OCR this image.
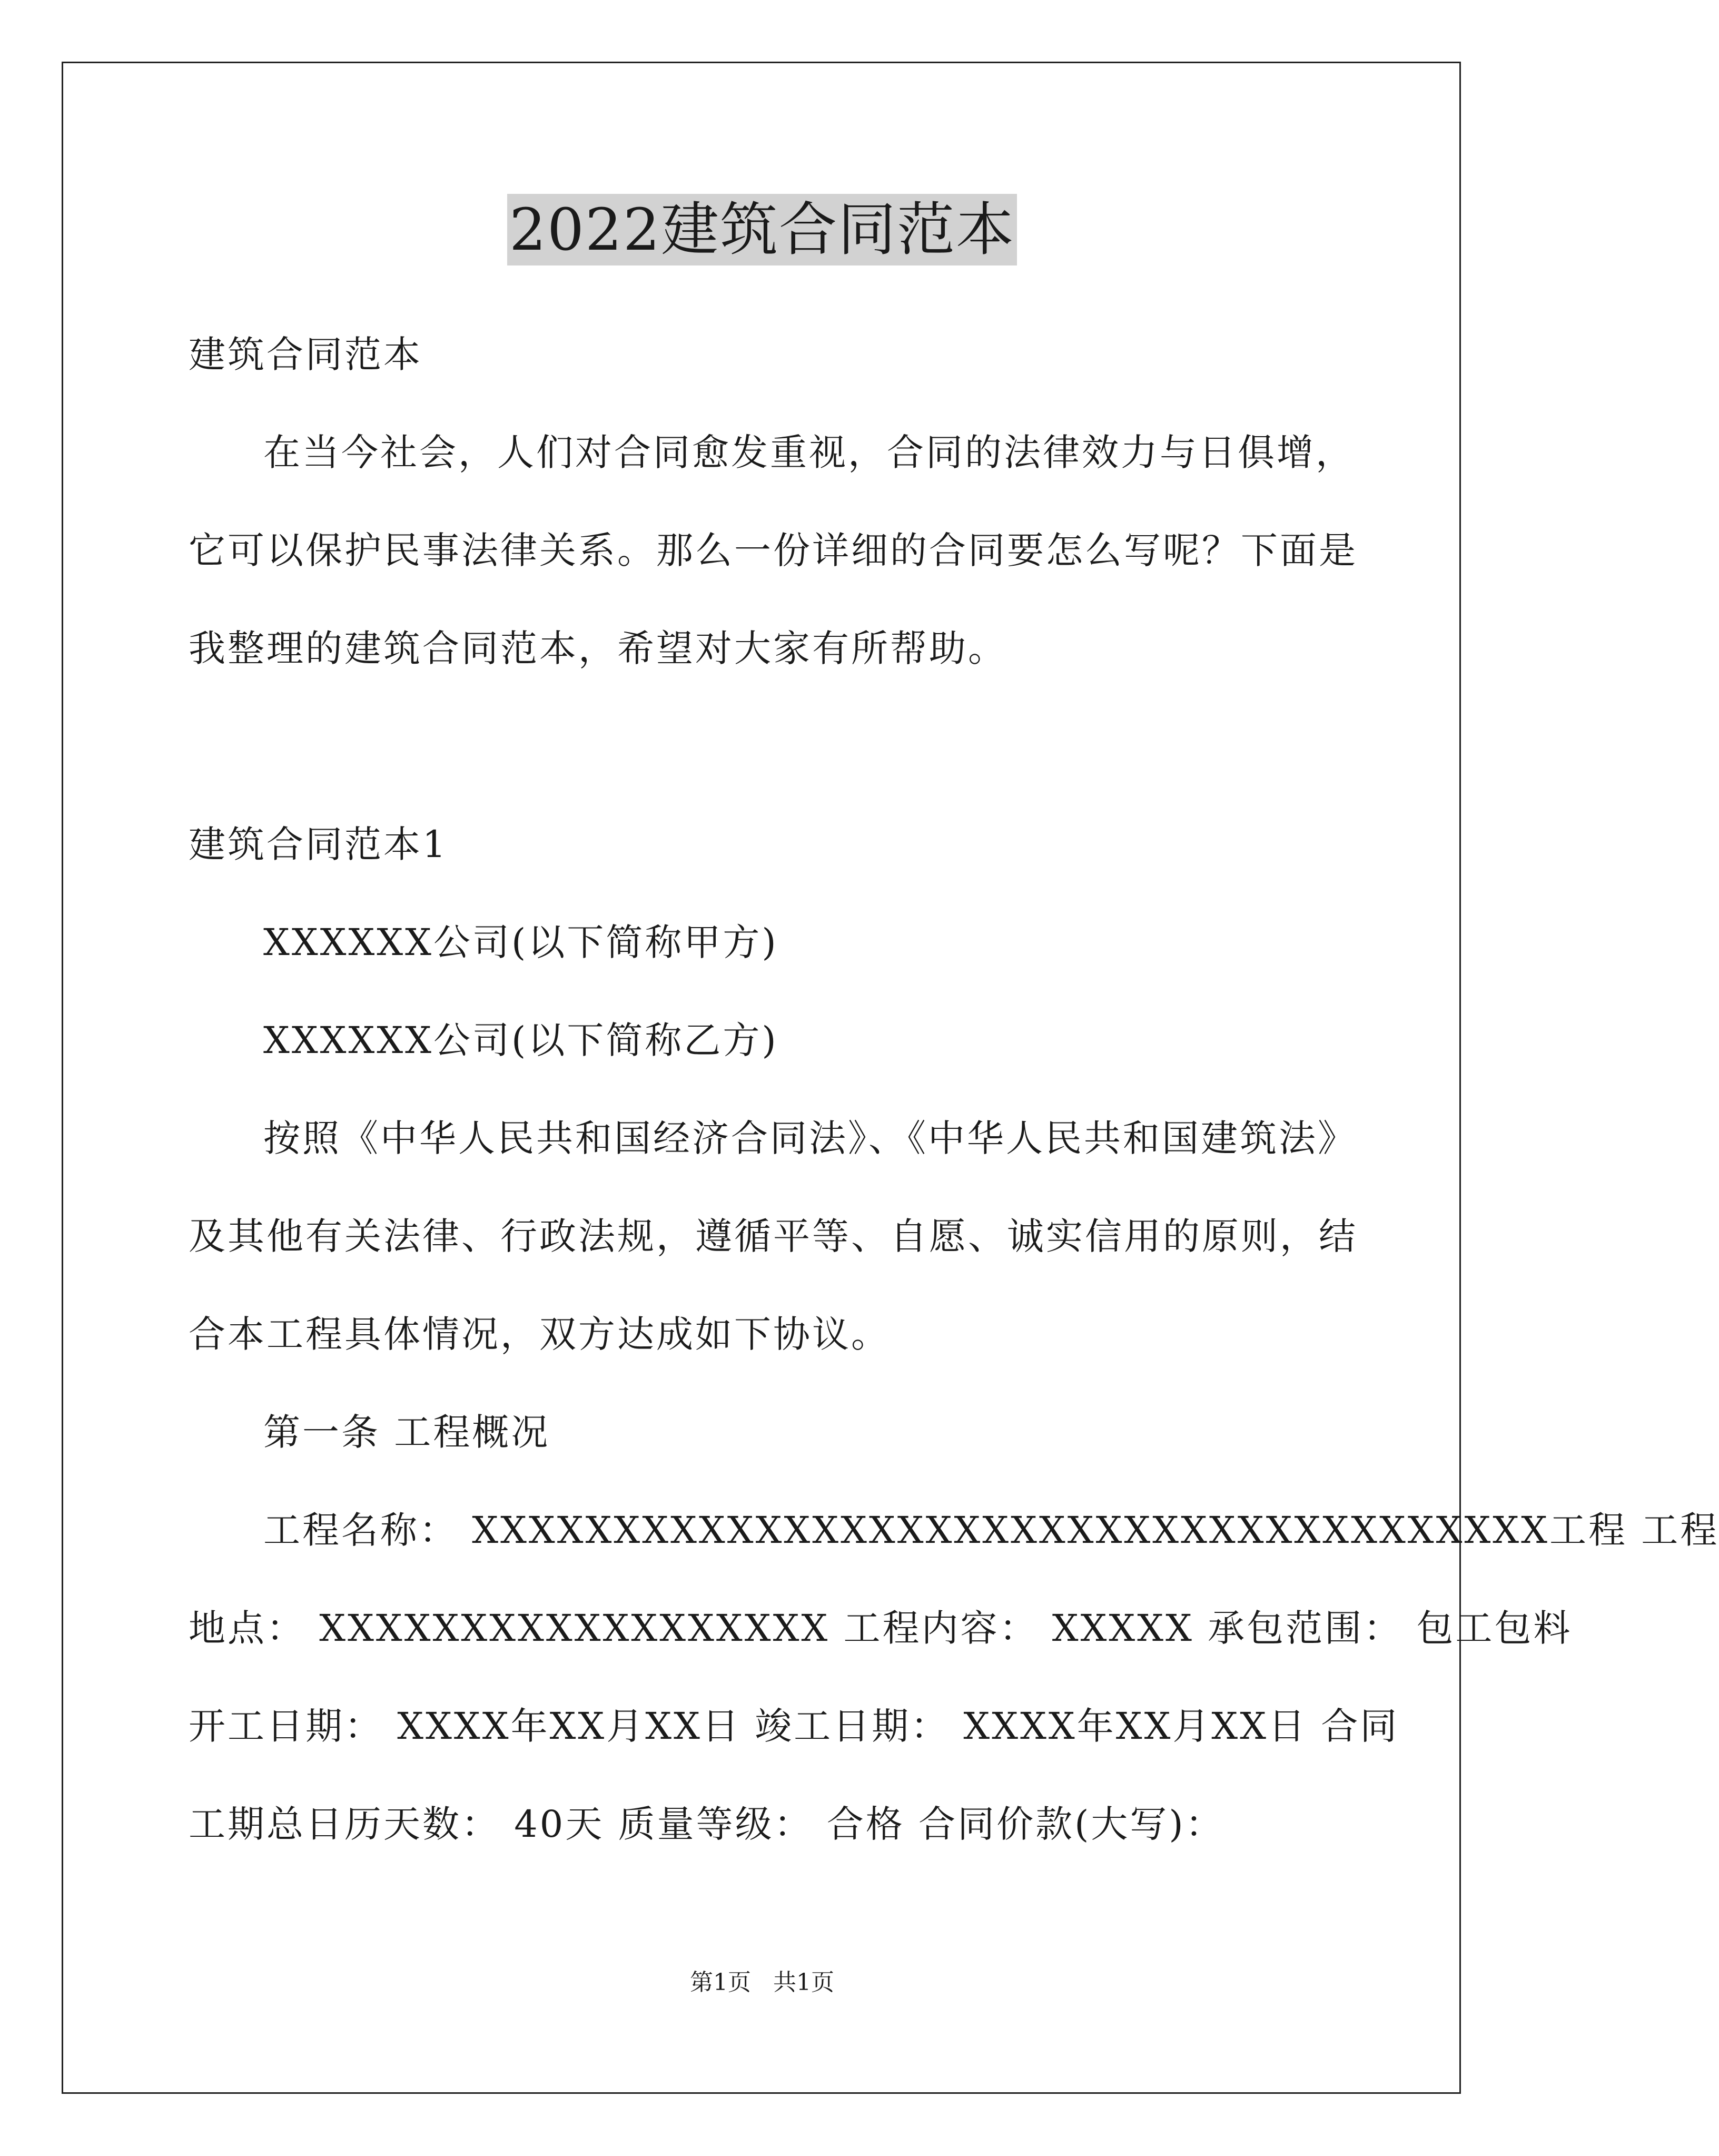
2022建筑合同范本
建筑合同范本
在当今社会，人们对合同愈发重视，合同的法律效力与日俱增，
它可以保护民事法律关系。那么一份详细的合同要怎么写呢？下面是
我整理的建筑合同范本，希望对大家有所帮助。
建筑合同范本1
XXXXXX公司(以下简称甲方)
XXXXXX公司(以下简称乙方)
按照《中华人民共和国经济合同法》、《中华人民共和国建筑法》
及其他有关法律、行政法规，遵循平等、自愿、诚实信用的原则，结
合本工程具体情况，双方达成如下协议。
第一条 工程概况
工程名称： XXXXXXXXXXXXXXXXXXXXXXXXXXXXXXXXXXXXXX工程 工程
地点： XXXXXXXXXXXXXXXXXX 工程内容： XXXXX 承包范围： 包工包料
开工日期： XXXX年XX月XX日 竣工日期： XXXX年XX月XX日 合同
工期总日历天数： 40天 质量等级： 合格 合同价款(大写)：
第1页 共1页
